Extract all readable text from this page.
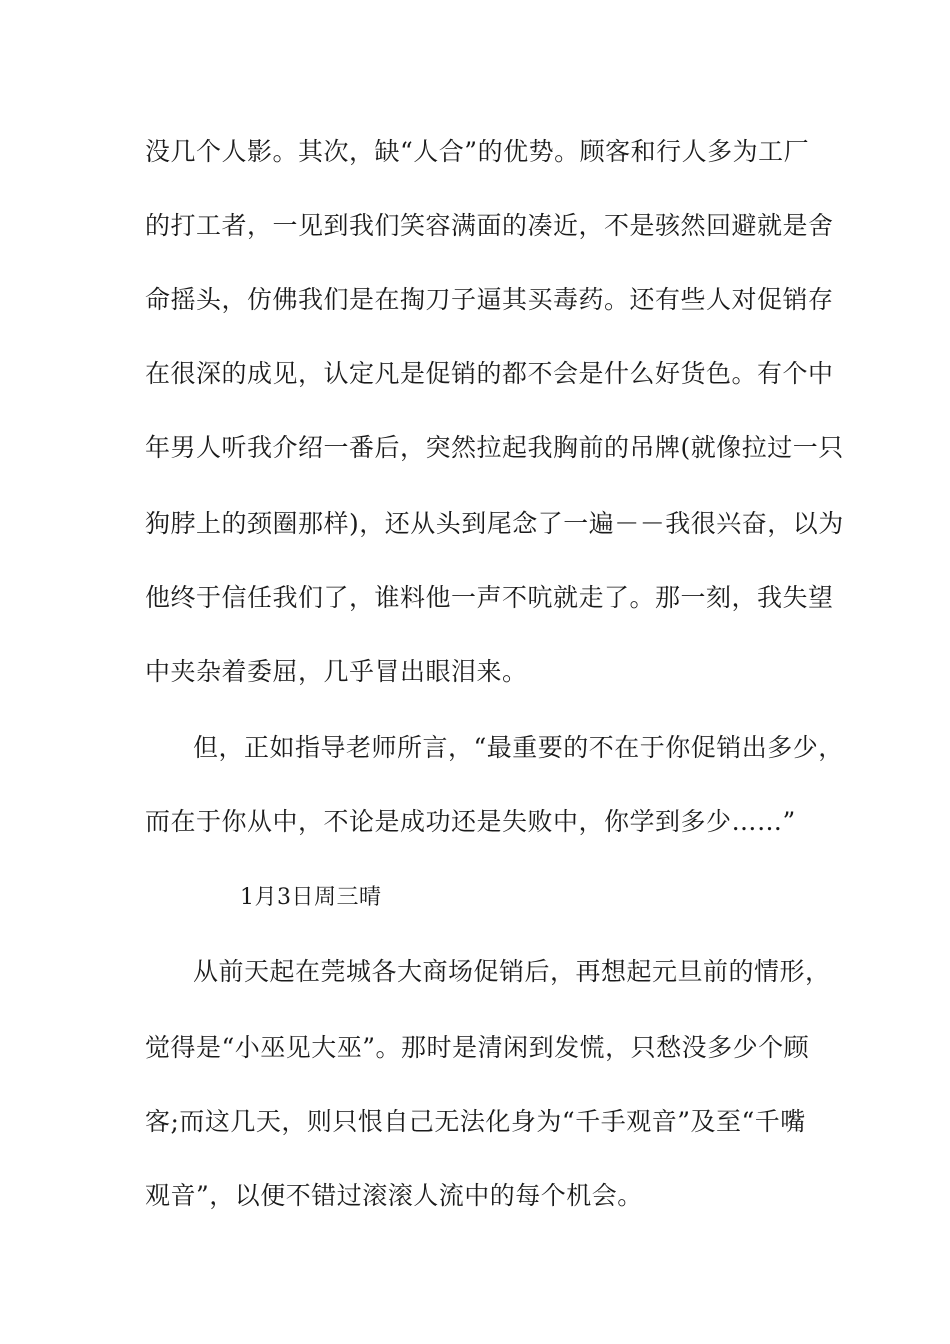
没几个人影。其次，缺“人合”的优势。顾客和行人多为工厂
的打工者，一见到我们笑容满面的凑近，不是骇然回避就是舍
命摇头，仿佛我们是在掏刀子逼其买毒药。还有些人对促销存
在很深的成见，认定凡是促销的都不会是什么好货色。有个中
年男人听我介绍一番后，突然拉起我胸前的吊牌(就像拉过一只
狗脖上的颈圈那样)，还从头到尾念了一遍－－我很兴奋，以为
他终于信任我们了，谁料他一声不吭就走了。那一刻，我失望
中夹杂着委屈，几乎冒出眼泪来。
但，正如指导老师所言，“最重要的不在于你促销出多少，
而在于你从中，不论是成功还是失败中，你学到多少……”
1月3日周三晴
从前天起在莞城各大商场促销后，再想起元旦前的情形，
觉得是“小巫见大巫”。那时是清闲到发慌，只愁没多少个顾
客;而这几天，则只恨自己无法化身为“千手观音”及至“千嘴
观音”，以便不错过滚滚人流中的每个机会。
